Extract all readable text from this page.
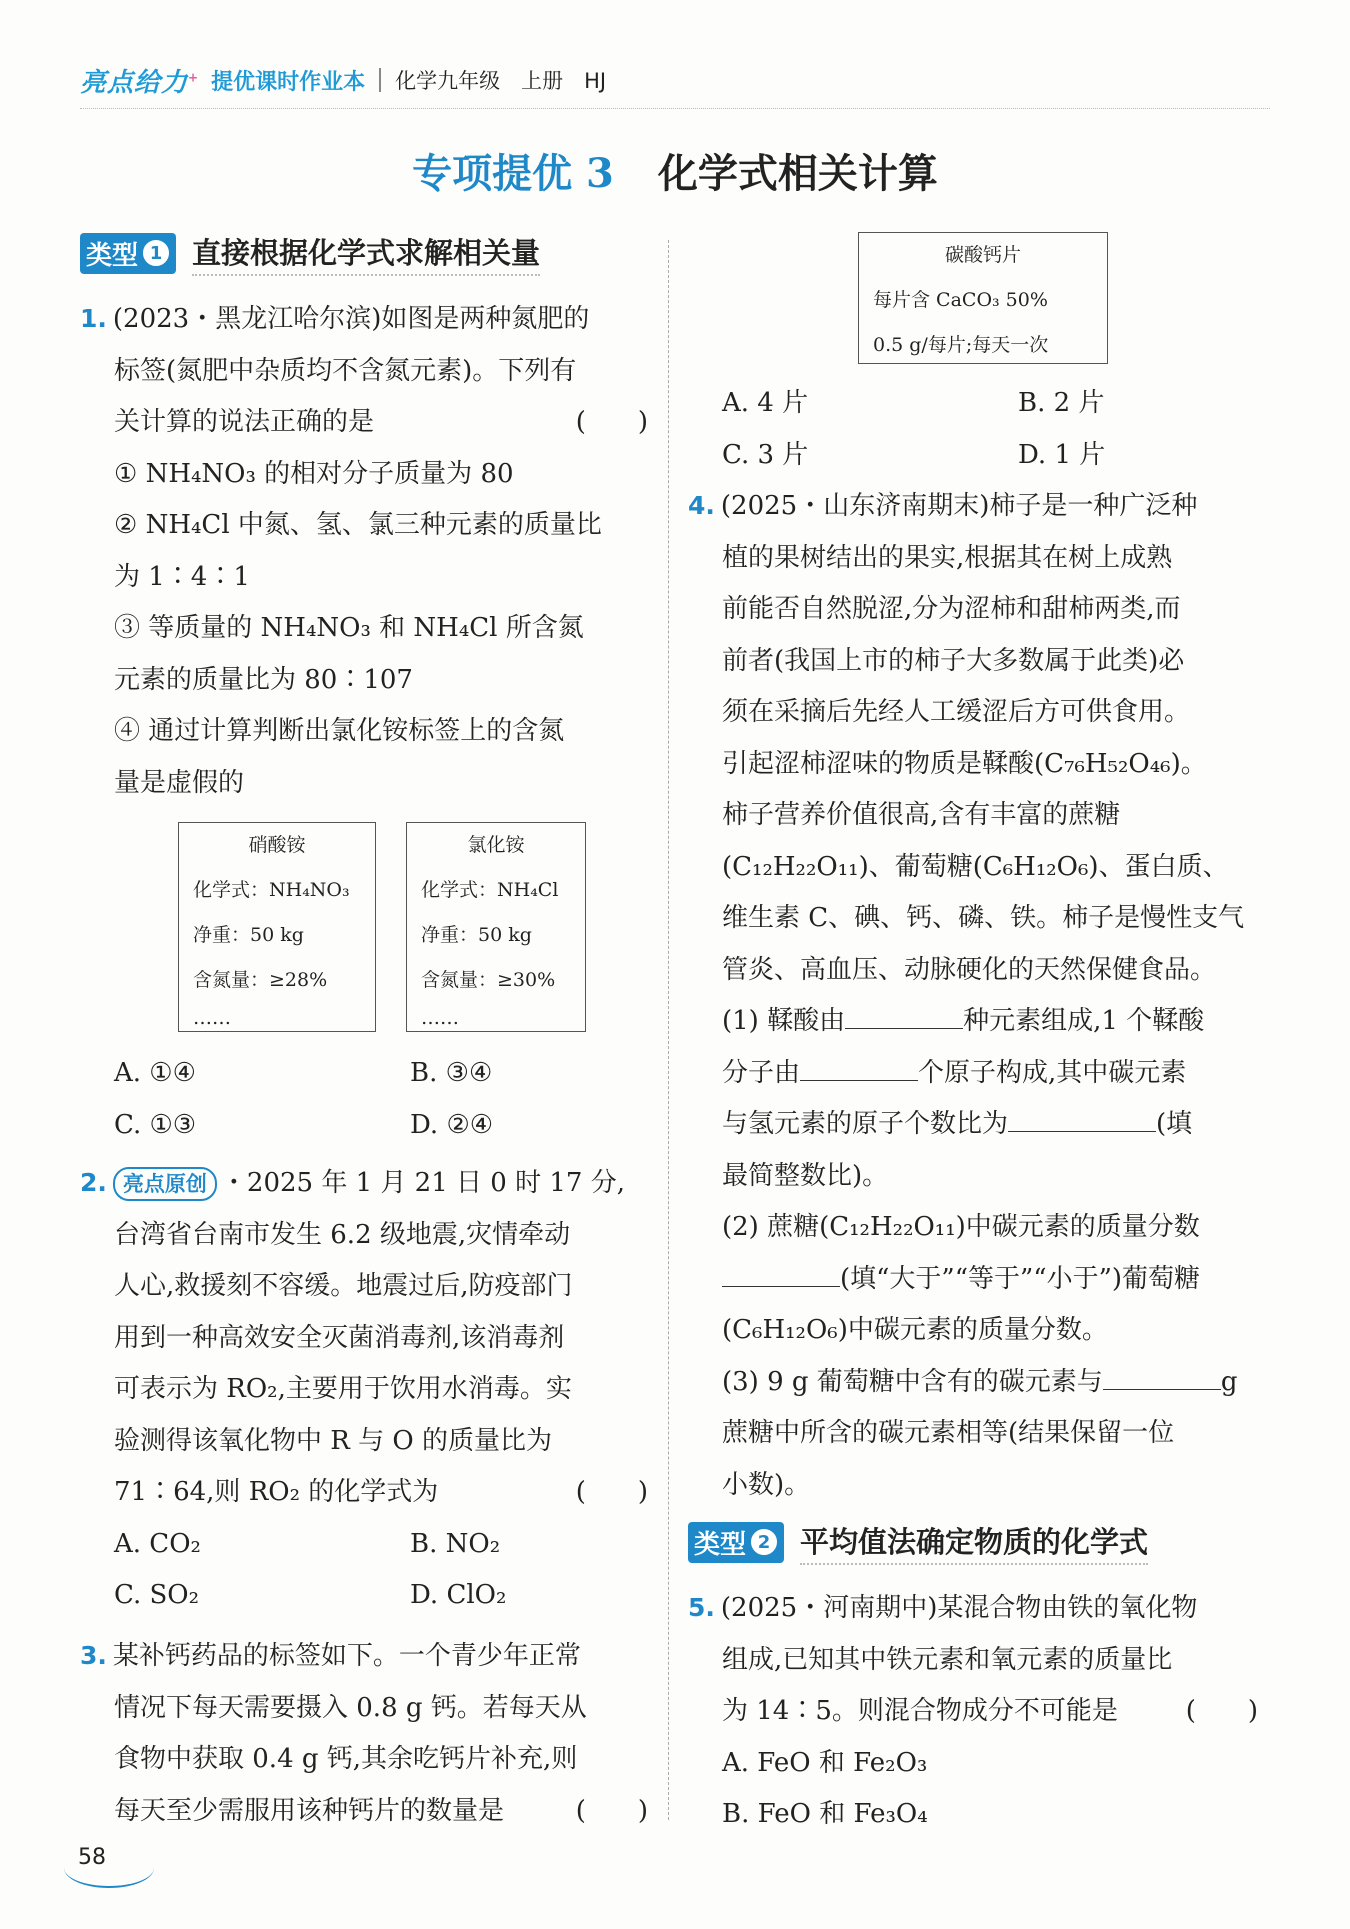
亮点给力+ 提优课时作业本 化学九年级　上册　HJ
专项提优 3 化学式相关计算
类型 1 直接根据化学式求解相关量
1. (2023・黑龙江哈尔滨)如图是两种氮肥的
标签(氮肥中杂质均不含氮元素)。下列有
关计算的说法正确的是	(　　)
① NH₄NO₃ 的相对分子质量为 80
② NH₄Cl 中氮、氢、氯三种元素的质量比
为 1∶4∶1
③ 等质量的 NH₄NO₃ 和 NH₄Cl 所含氮
元素的质量比为 80∶107
④ 通过计算判断出氯化铵标签上的含氮
量是虚假的
硝酸铵
化学式：NH₄NO₃
净重：50 kg
含氮量：≥28%
……
氯化铵
化学式：NH₄Cl
净重：50 kg
含氮量：≥30%
……
A. ①④	B. ③④
C. ①③	D. ②④
2. 亮点原创 ・2025 年 1 月 21 日 0 时 17 分,
台湾省台南市发生 6.2 级地震,灾情牵动
人心,救援刻不容缓。地震过后,防疫部门
用到一种高效安全灭菌消毒剂,该消毒剂
可表示为 RO₂,主要用于饮用水消毒。实
验测得该氧化物中 R 与 O 的质量比为
71∶64,则 RO₂ 的化学式为	(　　)
A. CO₂	B. NO₂
C. SO₂	D. ClO₂
3. 某补钙药品的标签如下。一个青少年正常
情况下每天需要摄入 0.8 g 钙。若每天从
食物中获取 0.4 g 钙,其余吃钙片补充,则
每天至少需服用该种钙片的数量是	(　　)
碳酸钙片
每片含 CaCO₃ 50%
0.5 g/每片;每天一次
A. 4 片	B. 2 片
C. 3 片	D. 1 片
4. (2025・山东济南期末)柿子是一种广泛种
植的果树结出的果实,根据其在树上成熟
前能否自然脱涩,分为涩柿和甜柿两类,而
前者(我国上市的柿子大多数属于此类)必
须在采摘后先经人工缓涩后方可供食用。
引起涩柿涩味的物质是鞣酸(C₇₆H₅₂O₄₆)。
柿子营养价值很高,含有丰富的蔗糖
(C₁₂H₂₂O₁₁)、葡萄糖(C₆H₁₂O₆)、蛋白质、
维生素 C、碘、钙、磷、铁。柿子是慢性支气
管炎、高血压、动脉硬化的天然保健食品。
(1) 鞣酸由	种元素组成,1 个鞣酸
分子由	个原子构成,其中碳元素
与氢元素的原子个数比为	(填
最简整数比)。
(2) 蔗糖(C₁₂H₂₂O₁₁)中碳元素的质量分数
(填“大于”“等于”“小于”)葡萄糖
(C₆H₁₂O₆)中碳元素的质量分数。
(3) 9 g 葡萄糖中含有的碳元素与	g
蔗糖中所含的碳元素相等(结果保留一位
小数)。
类型 2 平均值法确定物质的化学式
5. (2025・河南期中)某混合物由铁的氧化物
组成,已知其中铁元素和氧元素的质量比
为 14∶5。则混合物成分不可能是	(　　)
A. FeO 和 Fe₂O₃
B. FeO 和 Fe₃O₄
58
